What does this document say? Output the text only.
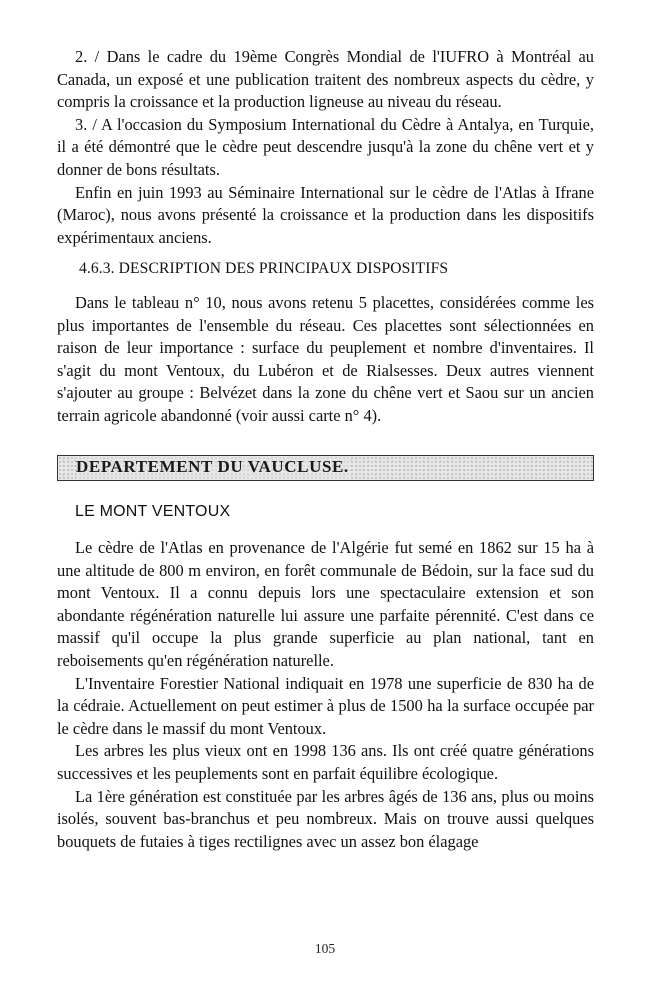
2. / Dans le cadre du 19ème Congrès Mondial de l'IUFRO à Montréal au Canada, un exposé et une publication traitent des nombreux aspects du cèdre, y compris la croissance et la production ligneuse au niveau du réseau.

3. / A l'occasion du Symposium International du Cèdre à Antalya, en Turquie, il a été démontré que le cèdre peut descendre jusqu'à la zone du chêne vert et y donner de bons résultats.

Enfin en juin 1993 au Séminaire International sur le cèdre de l'Atlas à Ifrane (Maroc), nous avons présenté la croissance et la production dans les dispositifs expérimentaux anciens.

4.6.3. DESCRIPTION DES PRINCIPAUX DISPOSITIFS

Dans le tableau n° 10, nous avons retenu 5 placettes, considérées comme les plus importantes de l'ensemble du réseau. Ces placettes sont sélectionnées en raison de leur importance : surface du peuplement et nombre d'inventaires. Il s'agit du mont Ventoux, du Lubéron et de Rialsesses. Deux autres viennent s'ajouter au groupe : Belvézet dans la zone du chêne vert et Saou sur un ancien terrain agricole abandonné (voir aussi carte n° 4).

DEPARTEMENT DU VAUCLUSE.
LE MONT VENTOUX

Le cèdre de l'Atlas en provenance de l'Algérie fut semé en 1862 sur 15 ha à une altitude de 800 m environ, en forêt communale de Bédoin, sur la face sud du mont Ventoux. Il a connu depuis lors une spectaculaire extension et son abondante régénération naturelle lui assure une parfaite pérennité. C'est dans ce massif qu'il occupe la plus grande superficie au plan national, tant en reboisements qu'en régénération naturelle.

L'Inventaire Forestier National indiquait en 1978 une superficie de 830 ha de la cédraie. Actuellement on peut estimer à plus de 1500 ha la surface occupée par le cèdre dans le massif du mont Ventoux.

Les arbres les plus vieux ont en 1998 136 ans. Ils ont créé quatre générations successives et les peuplements sont en parfait équilibre écologique.

La 1ère génération est constituée par les arbres âgés de 136 ans, plus ou moins isolés, souvent bas-branchus et peu nombreux. Mais on trouve aussi quelques bouquets de futaies à tiges rectilignes avec un assez bon élagage

105
